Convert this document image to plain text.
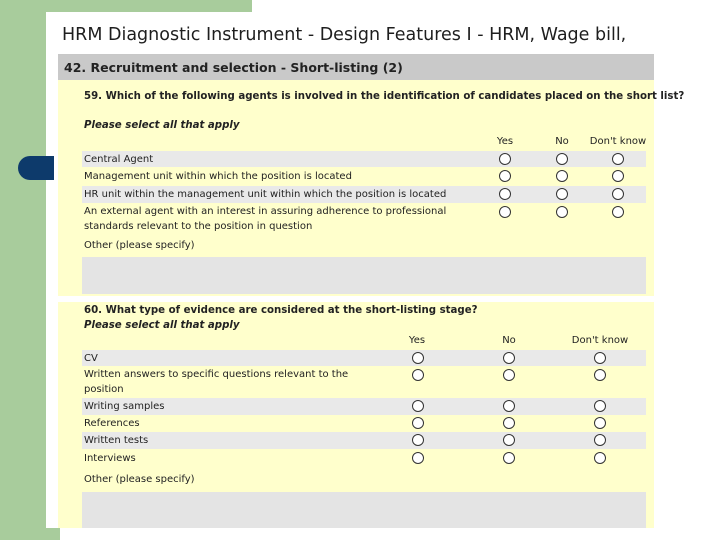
HRM Diagnostic Instrument - Design Features I - HRM, Wage bill,
42. Recruitment and selection - Short-listing (2)
59. Which of the following agents is involved in the identification of candidates placed on the short list?
Please select all that apply
Yes	No Don't know
Central Agent
Management unit within which the position is located
HR unit within the management unit within which the position is located
An external agent with an interest in assuring adherence to professional
standards relevant to the position in question
Other (please specify)
60. What type of evidence are considered at the short-listing stage?
Please select all that apply
Yes	No	Don't know
CV
Written answers to specific questions relevant to the
position
Writing samples
References
Written tests
Interviews
Other (please specify)
